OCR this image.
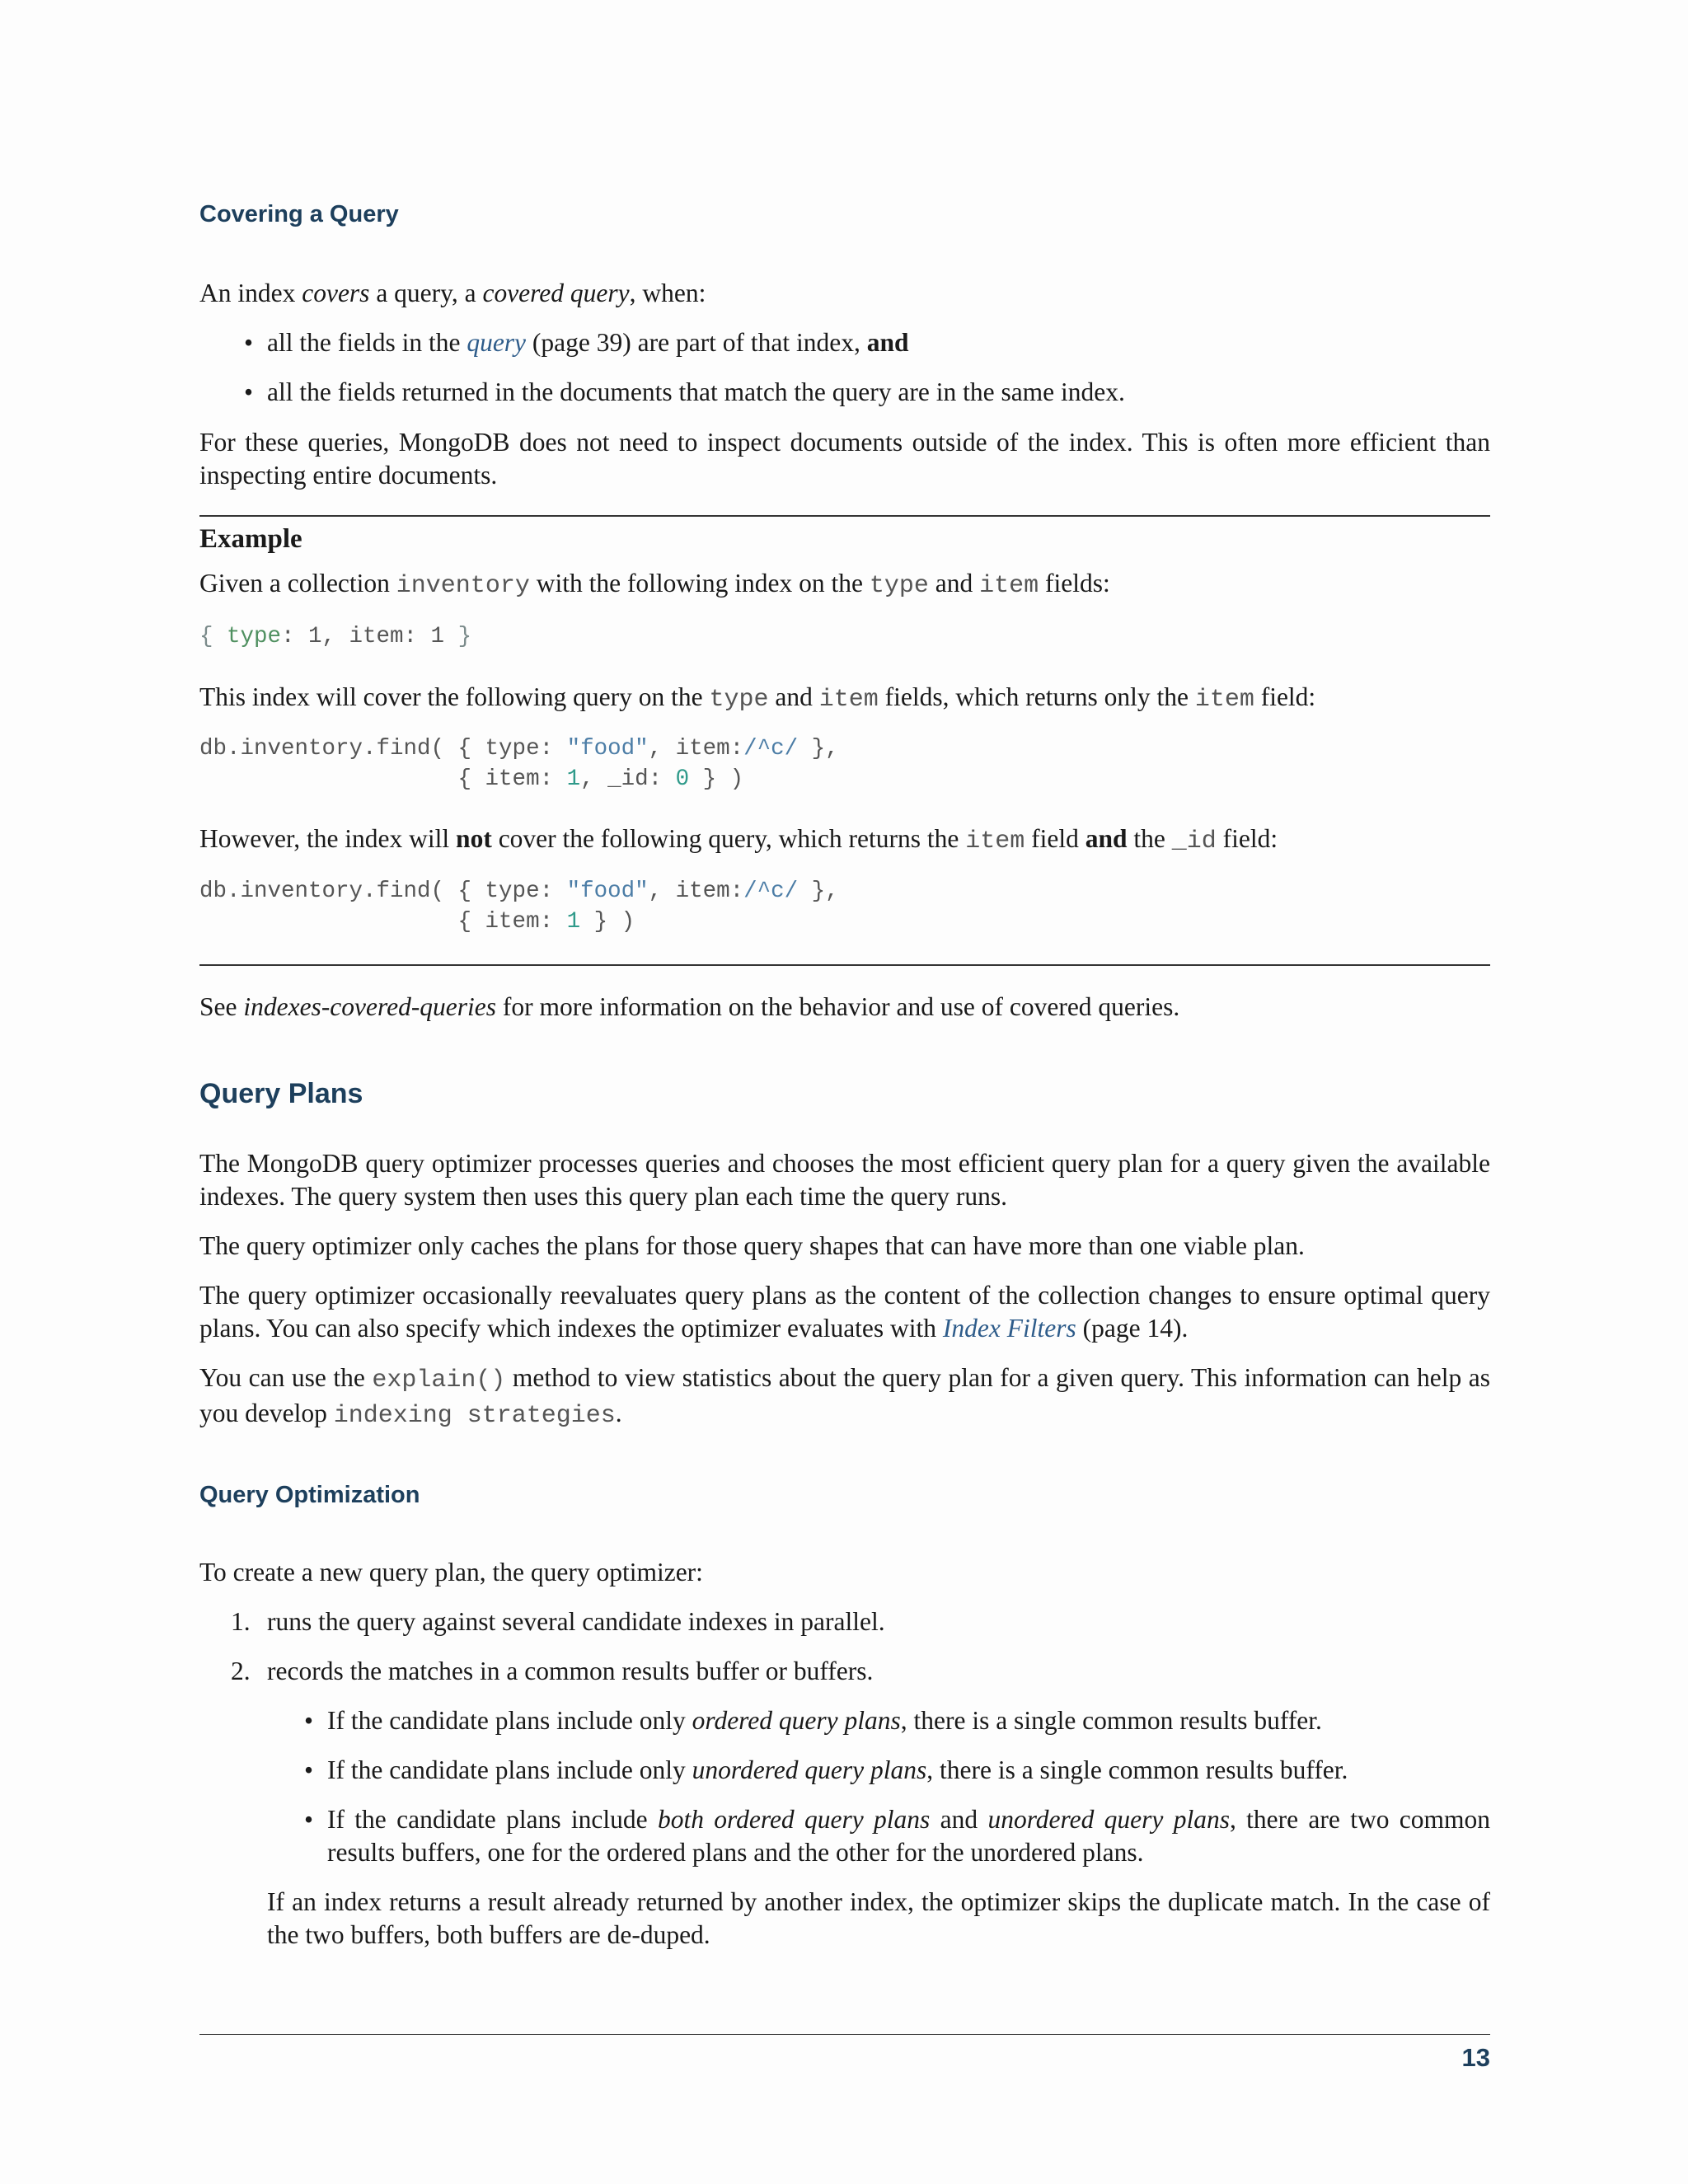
Covering a Query

An index covers a query, a covered query, when:

• all the fields in the query (page 39) are part of that index, and
• all the fields returned in the documents that match the query are in the same index.

For these queries, MongoDB does not need to inspect documents outside of the index. This is often more efficient than inspecting entire documents.

Example

Given a collection inventory with the following index on the type and item fields:

{ type: 1, item: 1 }

This index will cover the following query on the type and item fields, which returns only the item field:

db.inventory.find( { type: "food", item:/^c/ },
{ item: 1, _id: 0 } )

However, the index will not cover the following query, which returns the item field and the _id field:

db.inventory.find( { type: "food", item:/^c/ },
{ item: 1 } )

See indexes-covered-queries for more information on the behavior and use of covered queries.

Query Plans

The MongoDB query optimizer processes queries and chooses the most efficient query plan for a query given the available indexes. The query system then uses this query plan each time the query runs.

The query optimizer only caches the plans for those query shapes that can have more than one viable plan.

The query optimizer occasionally reevaluates query plans as the content of the collection changes to ensure optimal query plans. You can also specify which indexes the optimizer evaluates with Index Filters (page 14).

You can use the explain() method to view statistics about the query plan for a given query. This information can help as you develop indexing strategies.

Query Optimization

To create a new query plan, the query optimizer:

1. runs the query against several candidate indexes in parallel.
2. records the matches in a common results buffer or buffers.
• If the candidate plans include only ordered query plans, there is a single common results buffer.
• If the candidate plans include only unordered query plans, there is a single common results buffer.
• If the candidate plans include both ordered query plans and unordered query plans, there are two common results buffers, one for the ordered plans and the other for the unordered plans.

If an index returns a result already returned by another index, the optimizer skips the duplicate match. In the case of the two buffers, both buffers are de-duped.

13
